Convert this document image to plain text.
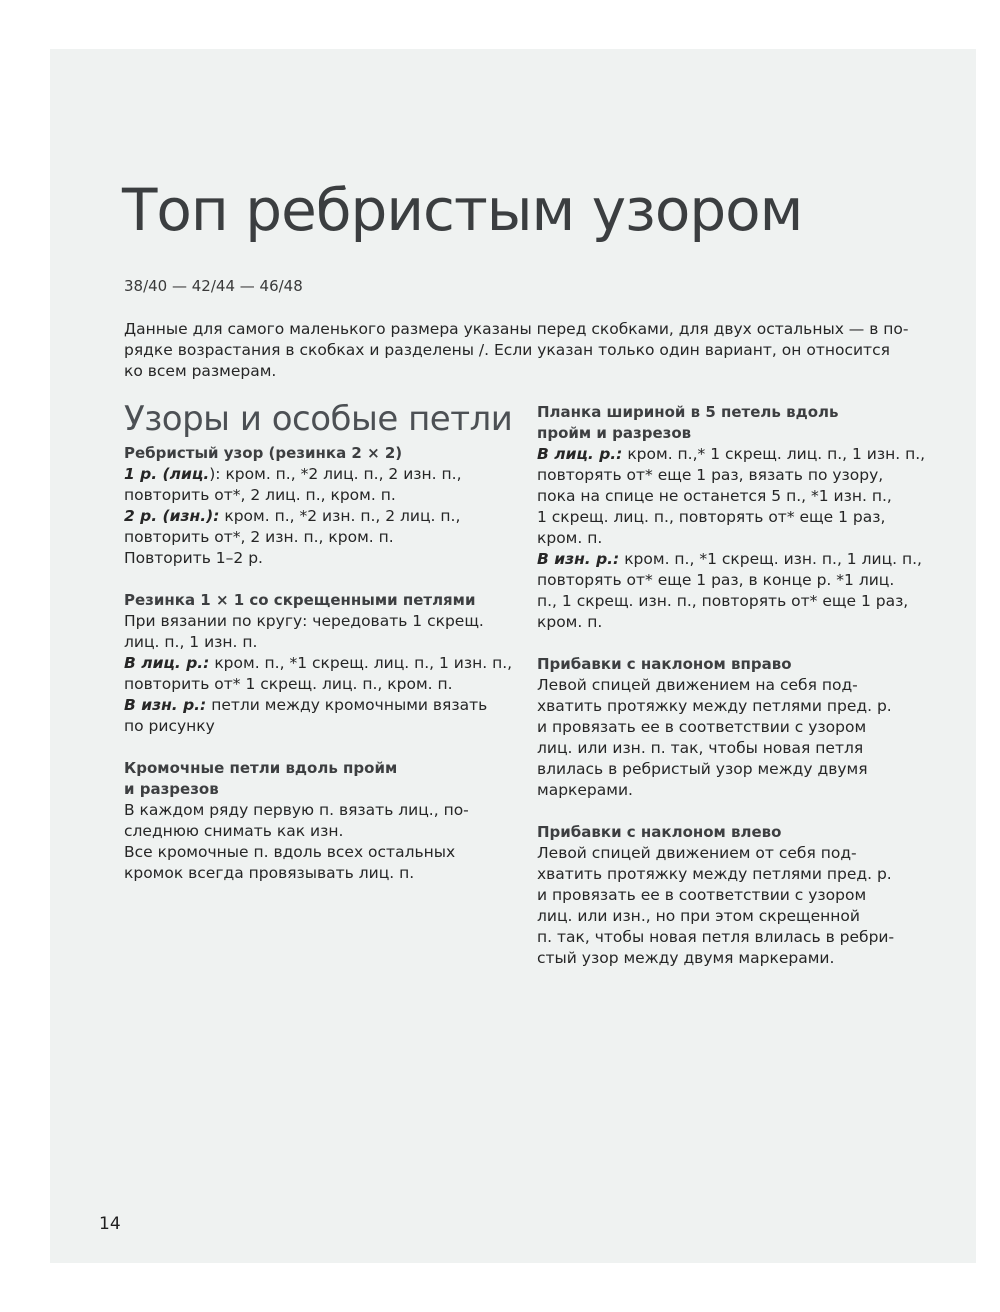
Топ ребристым узором
38/40 — 42/44 — 46/48
Данные для самого маленького размера указаны перед скобками, для двух остальных — в по-
рядке возрастания в скобках и разделены /. Если указан только один вариант, он относится
ко всем размерам.
Узоры и особые петли
Ребристый узор (резинка 2 × 2)
1 р. (лиц.): кром. п., *2 лиц. п., 2 изн. п.,
повторить от*, 2 лиц. п., кром. п.
2 р. (изн.): кром. п., *2 изн. п., 2 лиц. п.,
повторить от*, 2 изн. п., кром. п.
Повторить 1–2 р.
Резинка 1 × 1 со скрещенными петлями
При вязании по кругу: чередовать 1 скрещ.
лиц. п., 1 изн. п.
В лиц. р.: кром. п., *1 скрещ. лиц. п., 1 изн. п.,
повторить от* 1 скрещ. лиц. п., кром. п.
В изн. р.: петли между кромочными вязать
по рисунку
Кромочные петли вдоль пройм
и разрезов
В каждом ряду первую п. вязать лиц., по-
следнюю снимать как изн.
Все кромочные п. вдоль всех остальных
кромок всегда провязывать лиц. п.
Планка шириной в 5 петель вдоль
пройм и разрезов
В лиц. р.: кром. п.,* 1 скрещ. лиц. п., 1 изн. п.,
повторять от* еще 1 раз, вязать по узору,
пока на спице не останется 5 п., *1 изн. п.,
1 скрещ. лиц. п., повторять от* еще 1 раз,
кром. п.
В изн. р.: кром. п., *1 скрещ. изн. п., 1 лиц. п.,
повторять от* еще 1 раз, в конце р. *1 лиц.
п., 1 скрещ. изн. п., повторять от* еще 1 раз,
кром. п.
Прибавки с наклоном вправо
Левой спицей движением на себя под-
хватить протяжку между петлями пред. р.
и провязать ее в соответствии с узором
лиц. или изн. п. так, чтобы новая петля
влилась в ребристый узор между двумя
маркерами.
Прибавки с наклоном влево
Левой спицей движением от себя под-
хватить протяжку между петлями пред. р.
и провязать ее в соответствии с узором
лиц. или изн., но при этом скрещенной
п. так, чтобы новая петля влилась в ребри-
стый узор между двумя маркерами.
14
